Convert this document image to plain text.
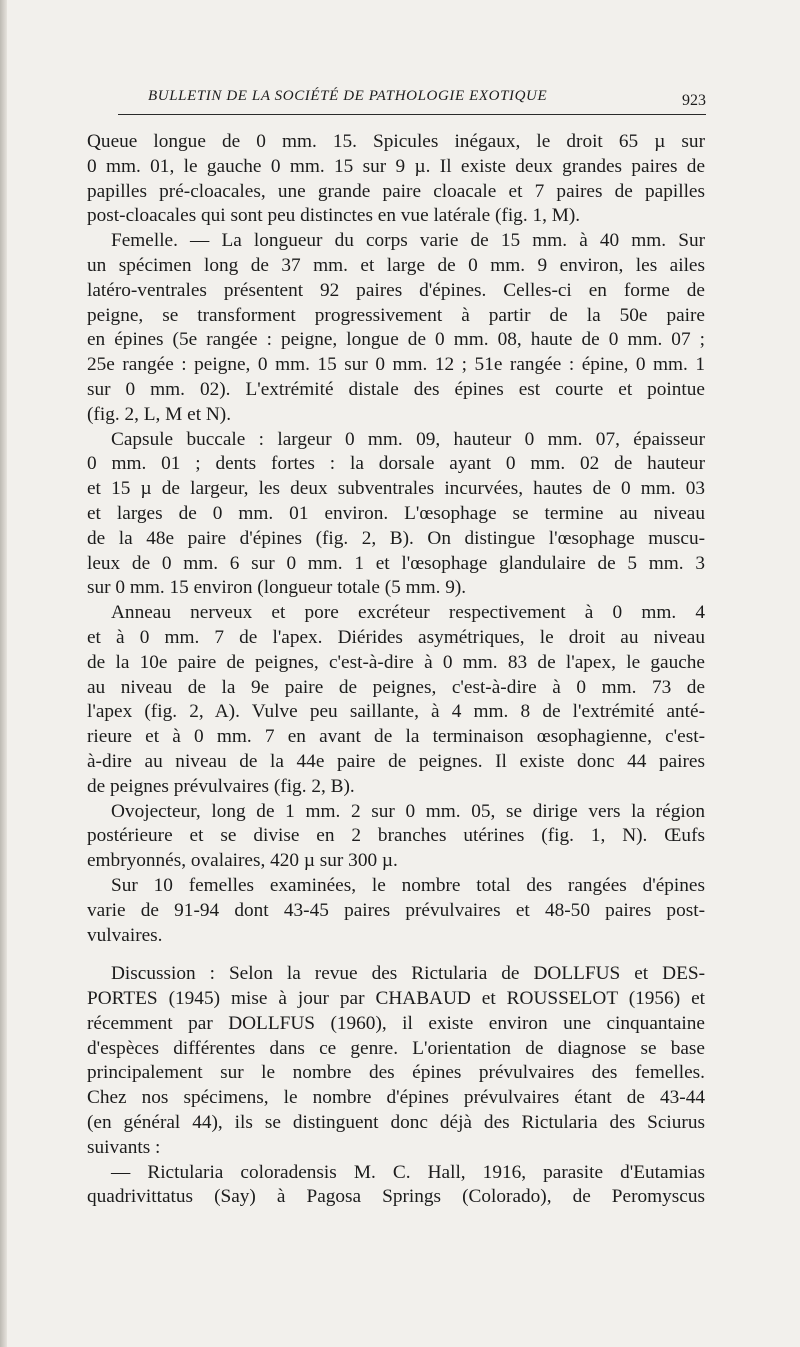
BULLETIN DE LA SOCIÉTÉ DE PATHOLOGIE EXOTIQUE	923
Queue longue de 0 mm. 15. Spicules inégaux, le droit 65 µ sur
0 mm. 01, le gauche 0 mm. 15 sur 9 µ. Il existe deux grandes paires de
papilles pré-cloacales, une grande paire cloacale et 7 paires de papilles
post-cloacales qui sont peu distinctes en vue latérale (fig. 1, M).
Femelle. — La longueur du corps varie de 15 mm. à 40 mm. Sur
un spécimen long de 37 mm. et large de 0 mm. 9 environ, les ailes
latéro-ventrales présentent 92 paires d'épines. Celles-ci en forme de
peigne, se transforment progressivement à partir de la 50e paire
en épines (5e rangée : peigne, longue de 0 mm. 08, haute de 0 mm. 07 ;
25e rangée : peigne, 0 mm. 15 sur 0 mm. 12 ; 51e rangée : épine, 0 mm. 1
sur 0 mm. 02). L'extrémité distale des épines est courte et pointue
(fig. 2, L, M et N).
Capsule buccale : largeur 0 mm. 09, hauteur 0 mm. 07, épaisseur
0 mm. 01 ; dents fortes : la dorsale ayant 0 mm. 02 de hauteur
et 15 µ de largeur, les deux subventrales incurvées, hautes de 0 mm. 03
et larges de 0 mm. 01 environ. L'œsophage se termine au niveau
de la 48e paire d'épines (fig. 2, B). On distingue l'œsophage muscu-
leux de 0 mm. 6 sur 0 mm. 1 et l'œsophage glandulaire de 5 mm. 3
sur 0 mm. 15 environ (longueur totale (5 mm. 9).
Anneau nerveux et pore excréteur respectivement à 0 mm. 4
et à 0 mm. 7 de l'apex. Diérides asymétriques, le droit au niveau
de la 10e paire de peignes, c'est-à-dire à 0 mm. 83 de l'apex, le gauche
au niveau de la 9e paire de peignes, c'est-à-dire à 0 mm. 73 de
l'apex (fig. 2, A). Vulve peu saillante, à 4 mm. 8 de l'extrémité anté-
rieure et à 0 mm. 7 en avant de la terminaison œsophagienne, c'est-
à-dire au niveau de la 44e paire de peignes. Il existe donc 44 paires
de peignes prévulvaires (fig. 2, B).
Ovojecteur, long de 1 mm. 2 sur 0 mm. 05, se dirige vers la région
postérieure et se divise en 2 branches utérines (fig. 1, N). Œufs
embryonnés, ovalaires, 420 µ sur 300 µ.
Sur 10 femelles examinées, le nombre total des rangées d'épines
varie de 91-94 dont 43-45 paires prévulvaires et 48-50 paires post-
vulvaires.
Discussion : Selon la revue des Rictularia de DOLLFUS et DES-
PORTES (1945) mise à jour par CHABAUD et ROUSSELOT (1956) et
récemment par DOLLFUS (1960), il existe environ une cinquantaine
d'espèces différentes dans ce genre. L'orientation de diagnose se base
principalement sur le nombre des épines prévulvaires des femelles.
Chez nos spécimens, le nombre d'épines prévulvaires étant de 43-44
(en général 44), ils se distinguent donc déjà des Rictularia des Sciurus
suivants :
— Rictularia coloradensis M. C. Hall, 1916, parasite d'Eutamias
quadrivittatus (Say) à Pagosa Springs (Colorado), de Peromyscus
